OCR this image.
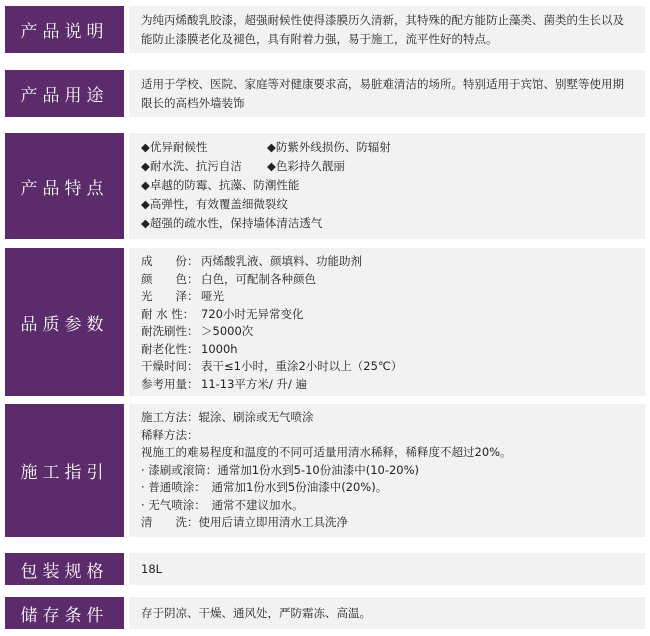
产品说明
为纯丙烯酸乳胶漆，超强耐候性使得漆膜历久清新，其特殊的配方能防止藻类、菌类的生长以及能防止漆膜老化及褪色，具有附着力强，易于施工，流平性好的特点。
产品用途
适用于学校、医院、家庭等对健康要求高，易脏难清洁的场所。特别适用于宾馆、别墅等使用期限长的高档外墙装饰
产品特点
◆优异耐候性	◆防紫外线损伤、防辐射
◆耐水洗、抗污自洁	◆色彩持久靓丽
◆卓越的防霉、抗藻、防潮性能
◆高弹性，有效覆盖细微裂纹
◆超强的疏水性，保持墙体清洁透气
品质参数
成　　份： 丙烯酸乳液、颜填料、功能助剂
颜　　色： 白色，可配制各种颜色
光　　泽： 哑光
耐 水 性： 720小时无异常变化
耐洗刷性： ＞5000次
耐老化性： 1000h
干燥时间： 表干≤1小时，重涂2小时以上（25℃）
参考用量： 11-13平方米/ 升/ 遍
施工指引
施工方法：辊涂、刷涂或无气喷涂
稀释方法：
视施工的难易程度和温度的不同可适量用清水稀释，稀释度不超过20%。
· 漆刷或滚筒：通常加1份水到5-10份油漆中(10-20%)
· 普通喷涂：　通常加1份水到5份油漆中(20%)。
· 无气喷涂：　通常不建议加水。
清　　洗：使用后请立即用清水工具洗净
包装规格	18L
储存条件	存于阴凉、干燥、通风处，严防霜冻、高温。
